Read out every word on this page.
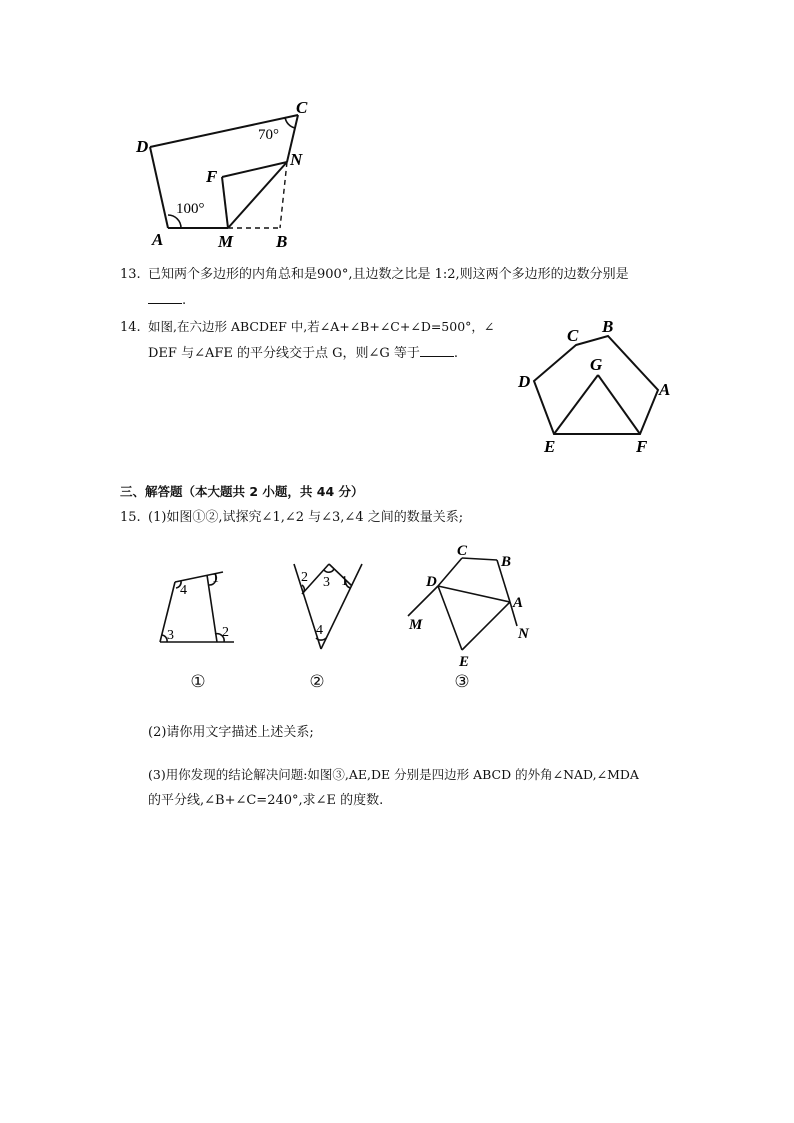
D
C
N
F
A	M	B
100°
70°
13. 已知两个多边形的内角总和是900°,且边数之比是 1:2,则这两个多边形的边数分别是
.
14. 如图,在六边形 ABCDEF 中,若∠A+∠B+∠C+∠D=500°，∠
DEF 与∠AFE 的平分线交于点 G，则∠G 等于	.
C B
A
F
E
D
G
三、解答题（本大题共 2 小题，共 44 分）
15. (1)如图①②,试探究∠1,∠2 与∠3,∠4 之间的数量关系;
4
1
3	2
①
2 3 1
4
②
C
B
D
A
M
N
E
③
(2)请你用文字描述上述关系;
(3)用你发现的结论解决问题:如图③,AE,DE 分别是四边形 ABCD 的外角∠NAD,∠MDA
的平分线,∠B+∠C=240°,求∠E 的度数.
